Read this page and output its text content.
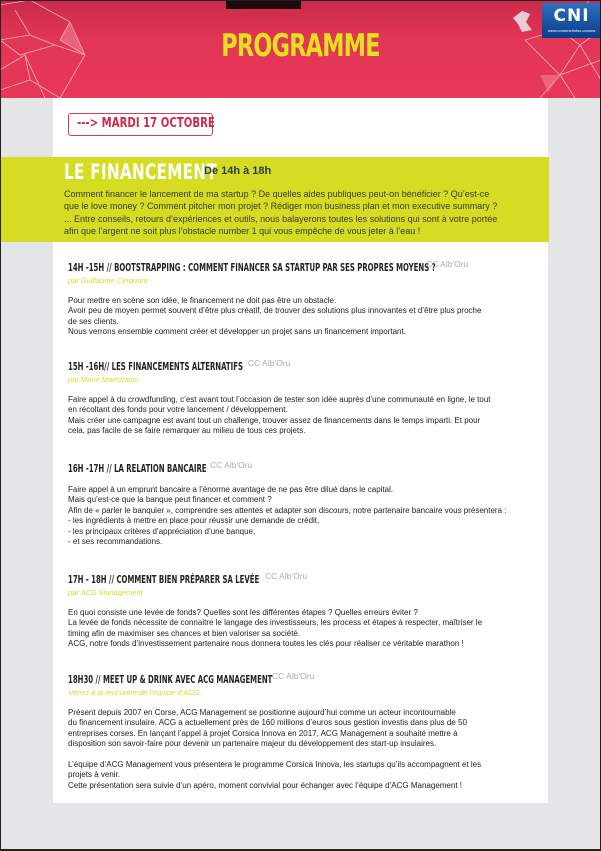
PROGRAMME
CNI
www.corsenetinfos.corsica
---> MARDI 17 OCTOBRE
LE FINANCEMENT
De 14h à 18h
Comment financer le lancement de ma startup ? De quelles aides publiques peut-on bénéficier ? Qu’est-ce
que le love money ? Comment pitcher mon projet ? Rédiger mon business plan et mon executive summary ?
... Entre conseils, retours d’expériences et outils, nous balayerons toutes les solutions qui sont à votre portée
afin que l’argent ne soit plus l’obstacle number 1 qui vous empêche de vous jeter à l’eau !
14H -15H // BOOTSTRAPPING : COMMENT FINANCER SA STARTUP PAR SES PROPRES MOYENS ?
CC Alb'Oru
par Guillaume Cerquant

Pour mettre en scène son idée, le financement ne doit pas être un obstacle.

Avoir peu de moyen permet souvent d’être plus créatif, de trouver des solutions plus innovantes et d’être plus proche

de ses clients.

Nous verrons ensemble comment créer et développer un projet sans un financement important.

15H -16H// LES FINANCEMENTS ALTERNATIFS CC Alb'Oru
par Marie Maestracci

Faire appel à du crowdfunding, c’est avant tout l’occasion de tester son idée auprès d’une communauté en ligne, le tout

en récoltant des fonds pour votre lancement / développement.

Mais créer une campagne est avant tout un challenge, trouver assez de financements dans le temps imparti. Et pour

cela, pas facile de se faire remarquer au milieu de tous ces projets.

16H -17H // LA RELATION BANCAIRE CC Alb'Oru

Faire appel à un emprunt bancaire a l’énorme avantage de ne pas être dilué dans le capital.

Mais qu’est-ce que la banque peut financer et comment ?

Afin de « parler le banquier », comprendre ses attentes et adapter son discours, notre partenaire bancaire vous présentera :

- les ingrédients à mettre en place pour réussir une demande de crédit,

- les principaux critères d’appréciation d’une banque,

- et ses recommandations.

17H - 18H // COMMENT BIEN PRÉPARER SA LEVÉE CC Alb'Oru
par ACG Management

En quoi consiste une levée de fonds? Quelles sont les différentes étapes ? Quelles erreurs éviter ?

La levée de fonds nécessite de connaitre le langage des investisseurs, les process et étapes à respecter, maîtriser le

timing afin de maximiser ses chances et bien valoriser sa société.

ACG, notre fonds d’investissement partenaire nous donnera toutes les clés pour réaliser ce véritable marathon !

18H30 // MEET UP & DRINK AVEC ACG MANAGEMENT CC Alb'Oru
Venez à la rencontre de l’équipe d’ACG.

Présent depuis 2007 en Corse, ACG Management se positionne aujourd’hui comme un acteur incontournable

du financement insulaire. ACG a actuellement près de 160 millions d’euros sous gestion investis dans plus de 50

entreprises corses. En lançant l’appel à projet Corsica Innova en 2017, ACG Management a souhaité mettre à

disposition son savoir-faire pour devenir un partenaire majeur du développement des start-up insulaires.

L’équipe d’ACG Management vous présentera le programme Corsica Innova, les startups qu’ils accompagnent et les

projets à venir.

Cette présentation sera suivie d’un apéro, moment convivial pour échanger avec l’équipe d’ACG Management !
